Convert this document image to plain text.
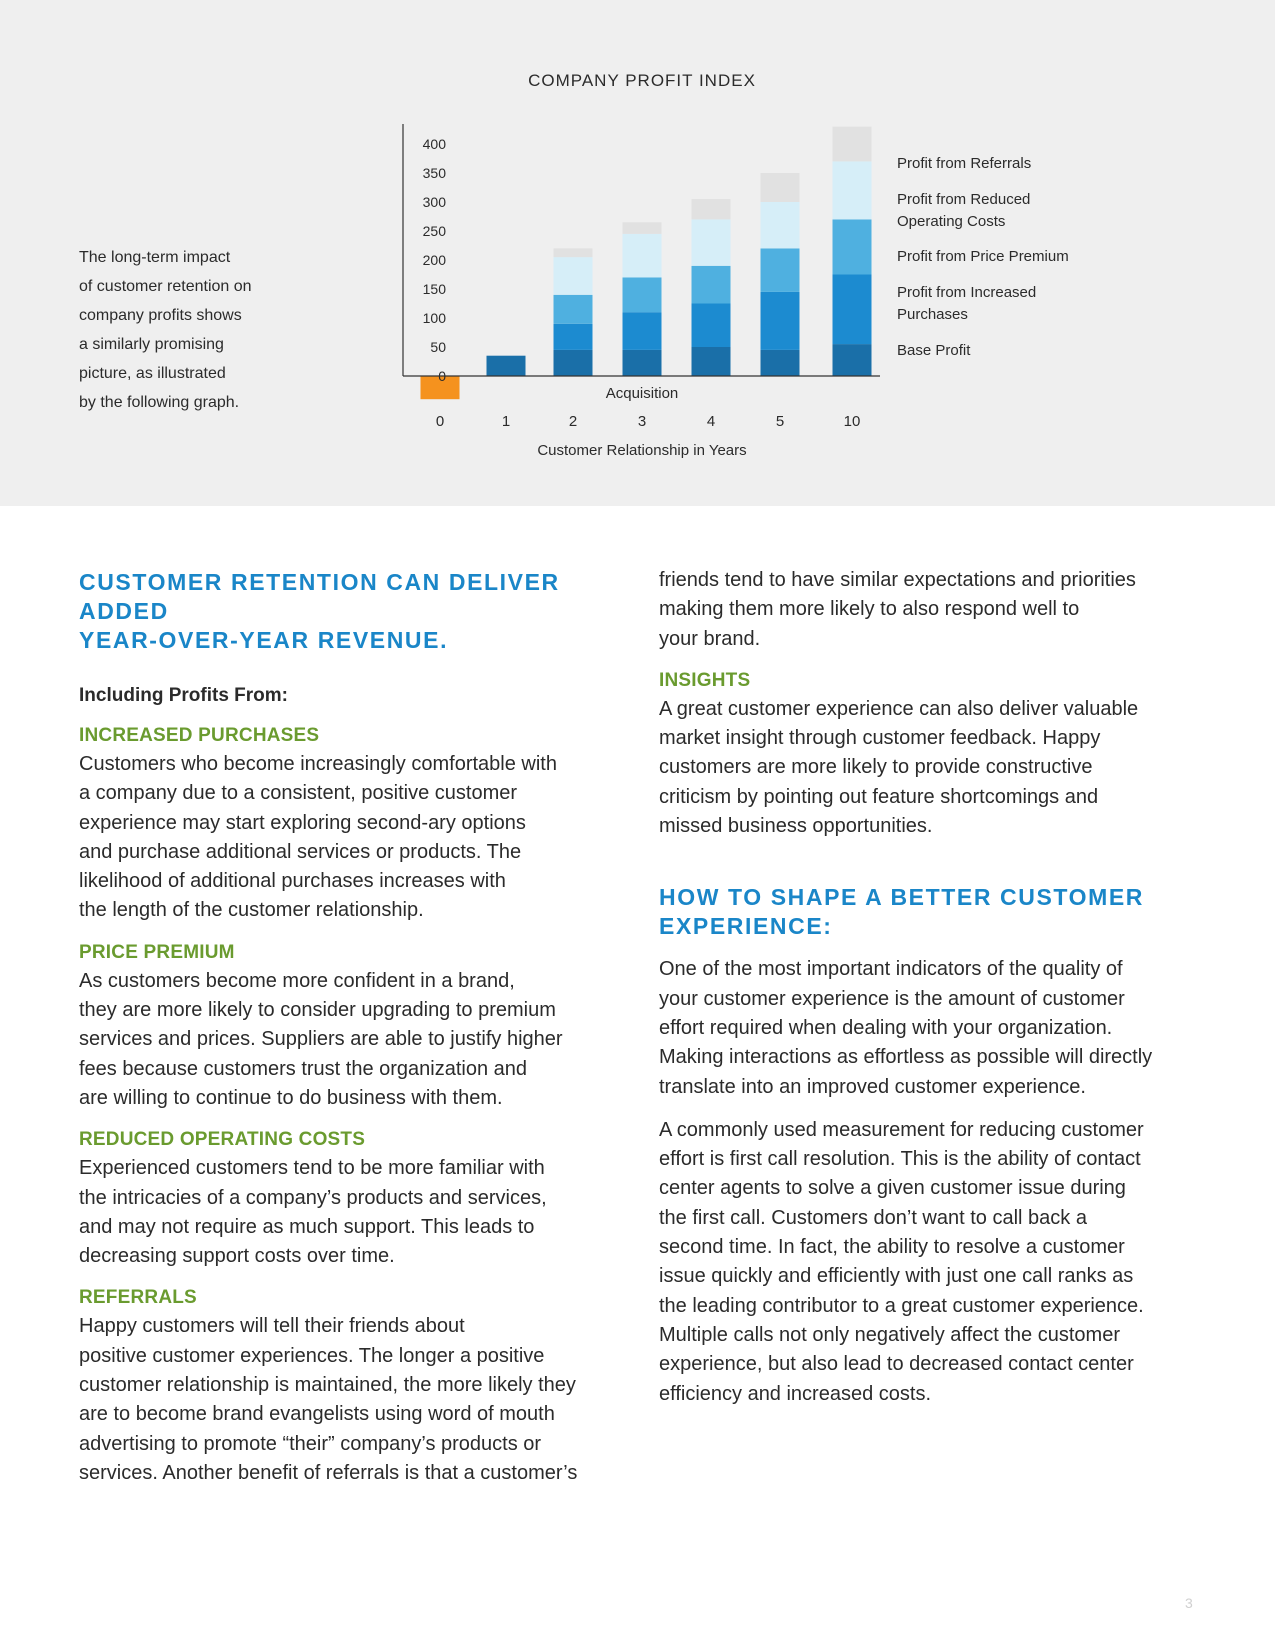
The long-term impact
of customer retention on
company profits shows
a similarly promising
picture, as illustrated
by the following graph.
COMPANY PROFIT INDEX
0
50
100
150
200
250
300
350
400
0	1	2	3	4	5	10
Acquisition
Customer Relationship in Years
Profit from Referrals
Profit from Reduced Operating Costs
Profit from Price Premium
Profit from Increased Purchases
Base Profit
CUSTOMER RETENTION CAN DELIVER ADDED
YEAR-OVER-YEAR REVENUE.

Including Profits From:

INCREASED PURCHASES

Customers who become increasingly comfortable with
a company due to a consistent, positive customer
experience may start exploring second-ary options
and purchase additional services or products. The
likelihood of additional purchases increases with
the length of the customer relationship.

PRICE PREMIUM

As customers become more confident in a brand,
they are more likely to consider upgrading to premium
services and prices. Suppliers are able to justify higher
fees because customers trust the organization and
are willing to continue to do business with them.

REDUCED OPERATING COSTS

Experienced customers tend to be more familiar with
the intricacies of a company’s products and services,
and may not require as much support. This leads to
decreasing support costs over time.

REFERRALS

Happy customers will tell their friends about
positive customer experiences. The longer a positive
customer relationship is maintained, the more likely they
are to become brand evangelists using word of mouth
advertising to promote “their” company’s products or
services. Another benefit of referrals is that a customer’s

friends tend to have similar expectations and priorities
making them more likely to also respond well to
your brand.

INSIGHTS

A great customer experience can also deliver valuable
market insight through customer feedback. Happy
customers are more likely to provide constructive
criticism by pointing out feature shortcomings and
missed business opportunities.

HOW TO SHAPE A BETTER CUSTOMER
EXPERIENCE:

One of the most important indicators of the quality of
your customer experience is the amount of customer
effort required when dealing with your organization.
Making interactions as effortless as possible will directly
translate into an improved customer experience.

A commonly used measurement for reducing customer
effort is first call resolution. This is the ability of contact
center agents to solve a given customer issue during
the first call. Customers don’t want to call back a
second time. In fact, the ability to resolve a customer
issue quickly and efficiently with just one call ranks as
the leading contributor to a great customer experience.
Multiple calls not only negatively affect the customer
experience, but also lead to decreased contact center
efficiency and increased costs.

3
